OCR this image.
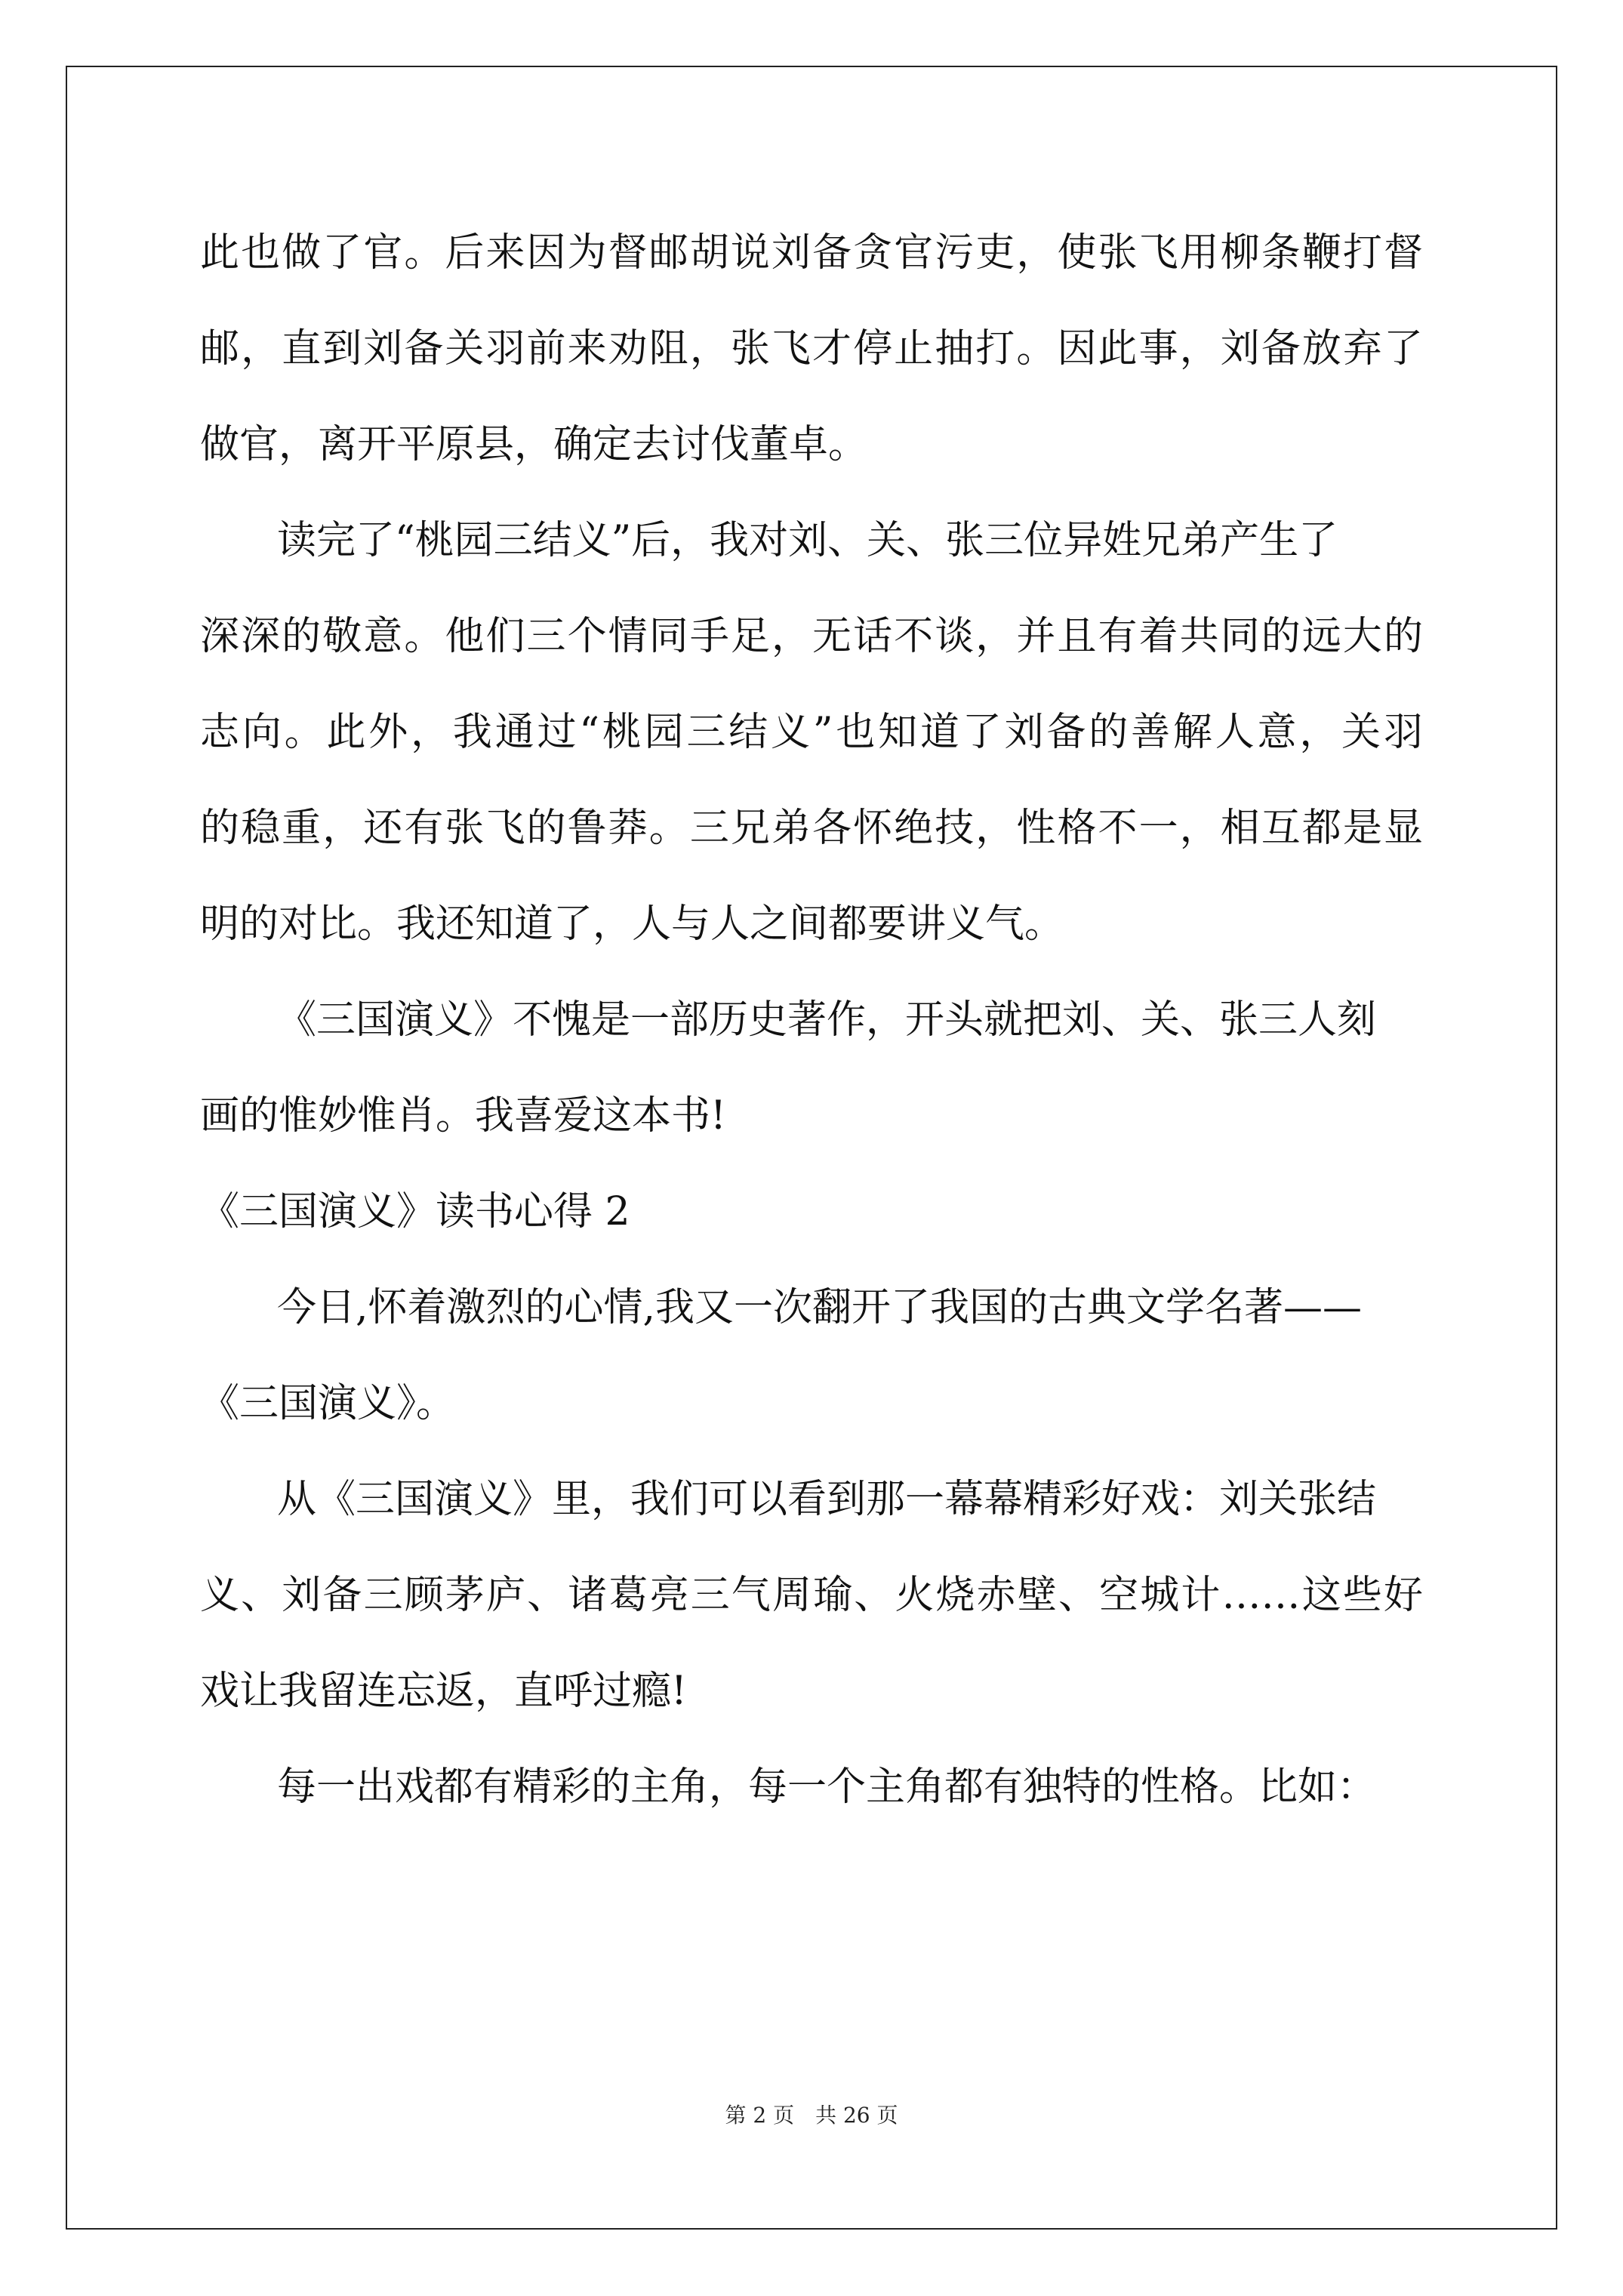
此也做了官。后来因为督邮胡说刘备贪官污吏，使张飞用柳条鞭打督
邮，直到刘备关羽前来劝阻，张飞才停止抽打。因此事，刘备放弃了
做官，离开平原县，确定去讨伐董卓。
读完了“桃园三结义”后，我对刘、关、张三位异姓兄弟产生了
深深的敬意。他们三个情同手足，无话不谈，并且有着共同的远大的
志向。此外，我通过“桃园三结义”也知道了刘备的善解人意，关羽
的稳重，还有张飞的鲁莽。三兄弟各怀绝技，性格不一，相互都是显
明的对比。我还知道了，人与人之间都要讲义气。
《三国演义》不愧是一部历史著作，开头就把刘、关、张三人刻
画的惟妙惟肖。我喜爱这本书!
《三国演义》读书心得 2
今日,怀着激烈的心情,我又一次翻开了我国的古典文学名著——
《三国演义》。
从《三国演义》里，我们可以看到那一幕幕精彩好戏：刘关张结
义、刘备三顾茅庐、诸葛亮三气周瑜、火烧赤壁、空城计……这些好
戏让我留连忘返，直呼过瘾!
每一出戏都有精彩的主角，每一个主角都有独特的性格。比如：
第 2 页　共 26 页
